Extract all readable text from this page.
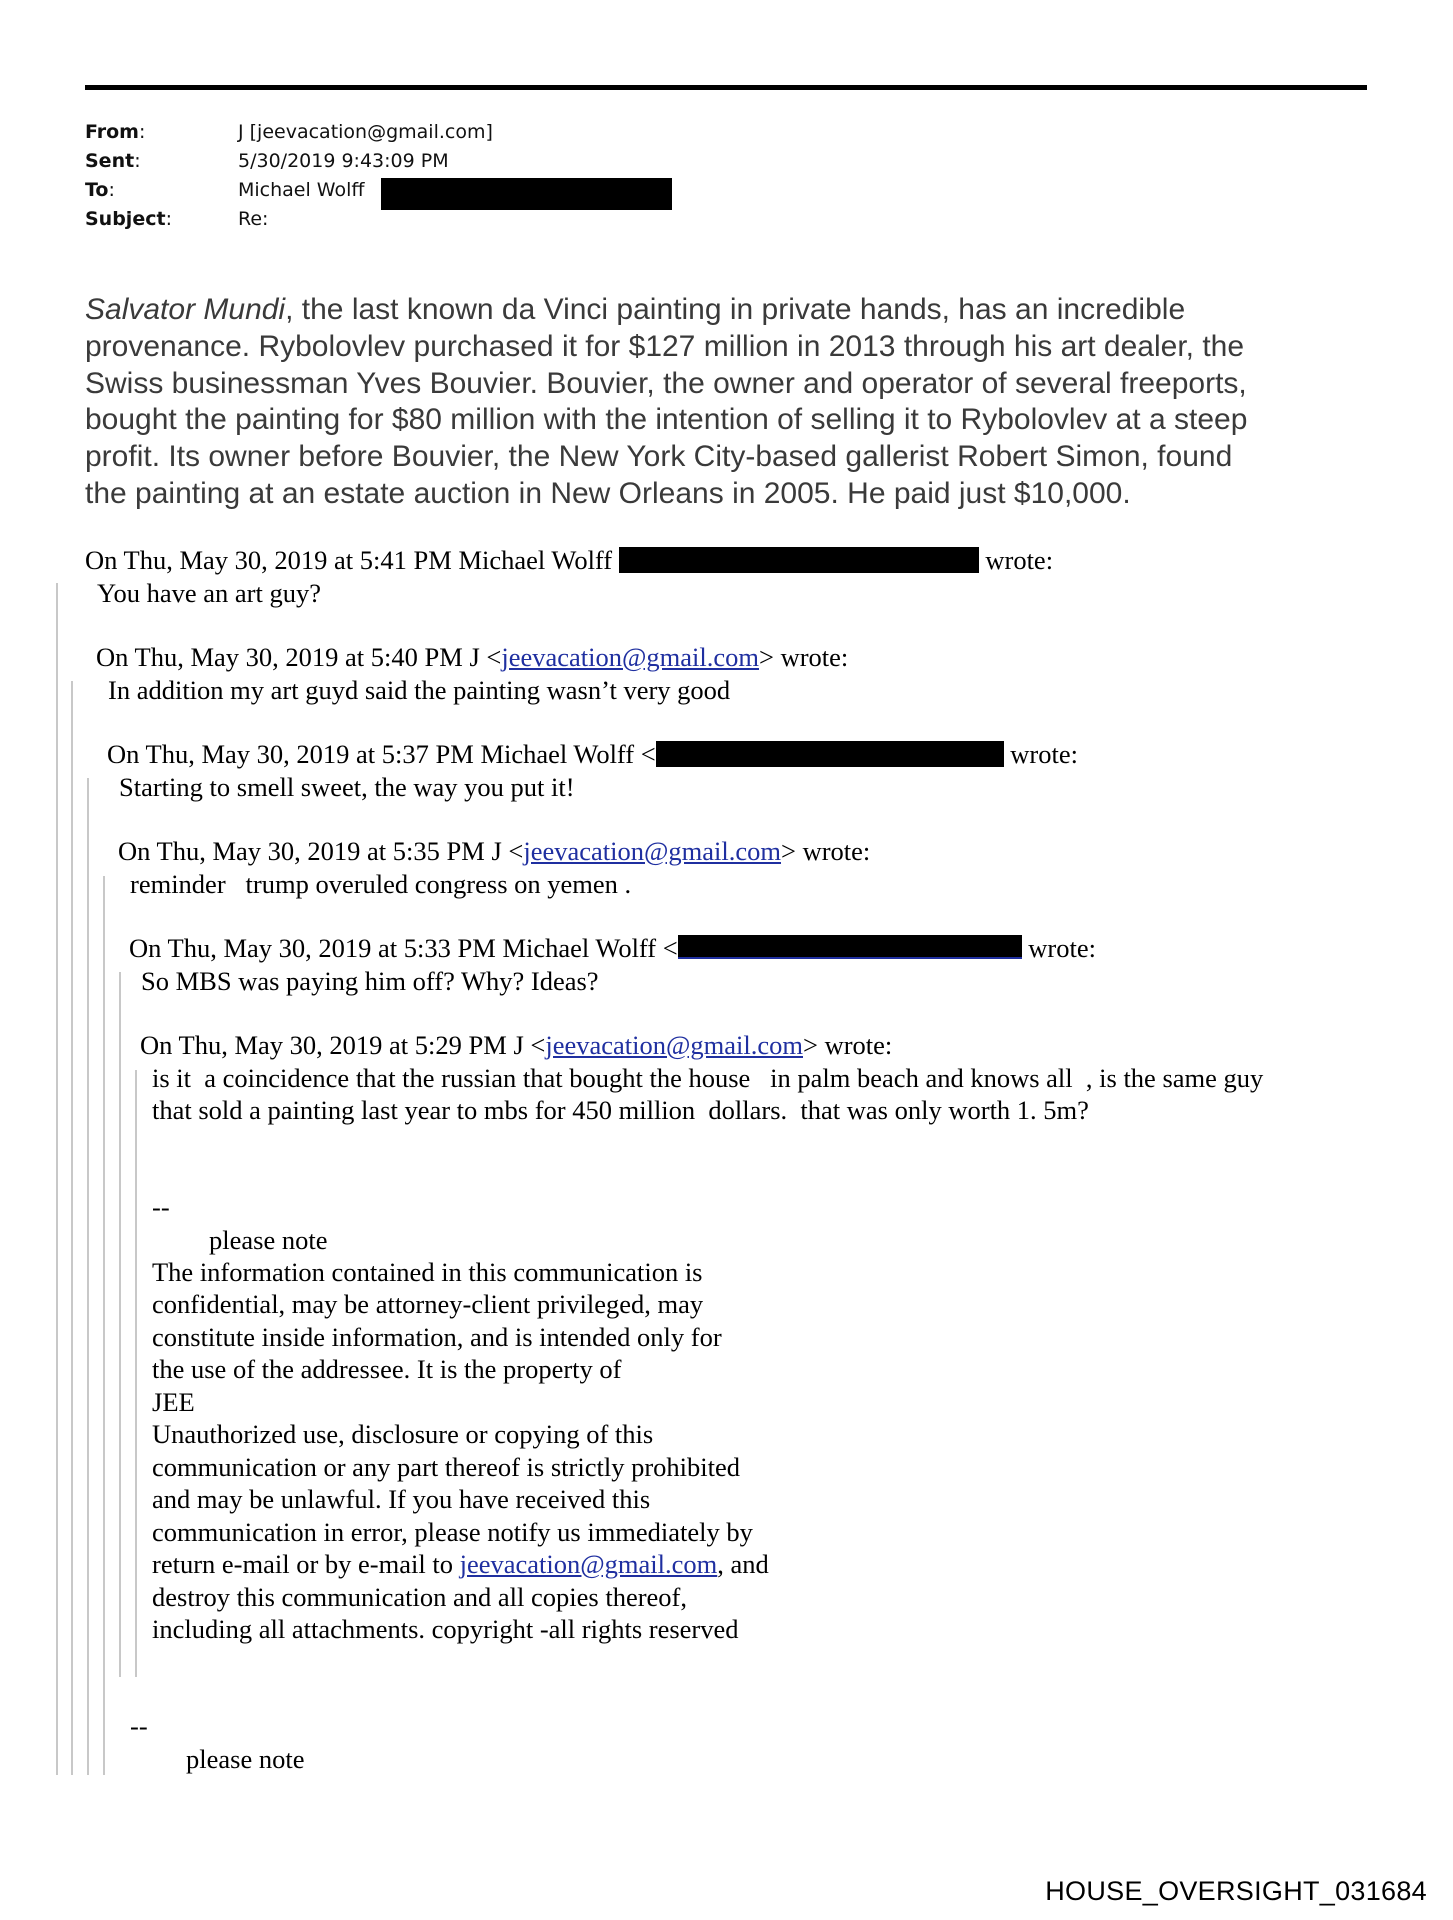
From:	J [jeevacation@gmail.com]
Sent:	5/30/2019 9:43:09 PM
To:	Michael Wolff
Subject:	Re:
Salvator Mundi, the last known da Vinci painting in private hands, has an incredible
provenance. Rybolovlev purchased it for $127 million in 2013 through his art dealer, the
Swiss businessman Yves Bouvier. Bouvier, the owner and operator of several freeports,
bought the painting for $80 million with the intention of selling it to Rybolovlev at a steep
profit. Its owner before Bouvier, the New York City-based gallerist Robert Simon, found
the painting at an estate auction in New Orleans in 2005. He paid just $10,000.
On Thu, May 30, 2019 at 5:41 PM Michael Wolff	wrote:
You have an art guy?
On Thu, May 30, 2019 at 5:40 PM J <jeevacation@gmail.com> wrote:
In addition my art guyd said the painting wasn’t very good
On Thu, May 30, 2019 at 5:37 PM Michael Wolff <	wrote:
Starting to smell sweet, the way you put it!
On Thu, May 30, 2019 at 5:35 PM J <jeevacation@gmail.com> wrote:
reminder   trump overuled congress on yemen .
On Thu, May 30, 2019 at 5:33 PM Michael Wolff <	wrote:
So MBS was paying him off? Why? Ideas?
On Thu, May 30, 2019 at 5:29 PM J <jeevacation@gmail.com> wrote:
is it  a coincidence that the russian that bought the house   in palm beach and knows all  , is the same guy
that sold a painting last year to mbs for 450 million  dollars.  that was only worth 1. 5m?
--
please note
The information contained in this communication is
confidential, may be attorney-client privileged, may
constitute inside information, and is intended only for
the use of the addressee. It is the property of
JEE
Unauthorized use, disclosure or copying of this
communication or any part thereof is strictly prohibited
and may be unlawful. If you have received this
communication in error, please notify us immediately by
return e-mail or by e-mail to jeevacation@gmail.com, and
destroy this communication and all copies thereof,
including all attachments. copyright -all rights reserved
--
please note
HOUSE_OVERSIGHT_031684
